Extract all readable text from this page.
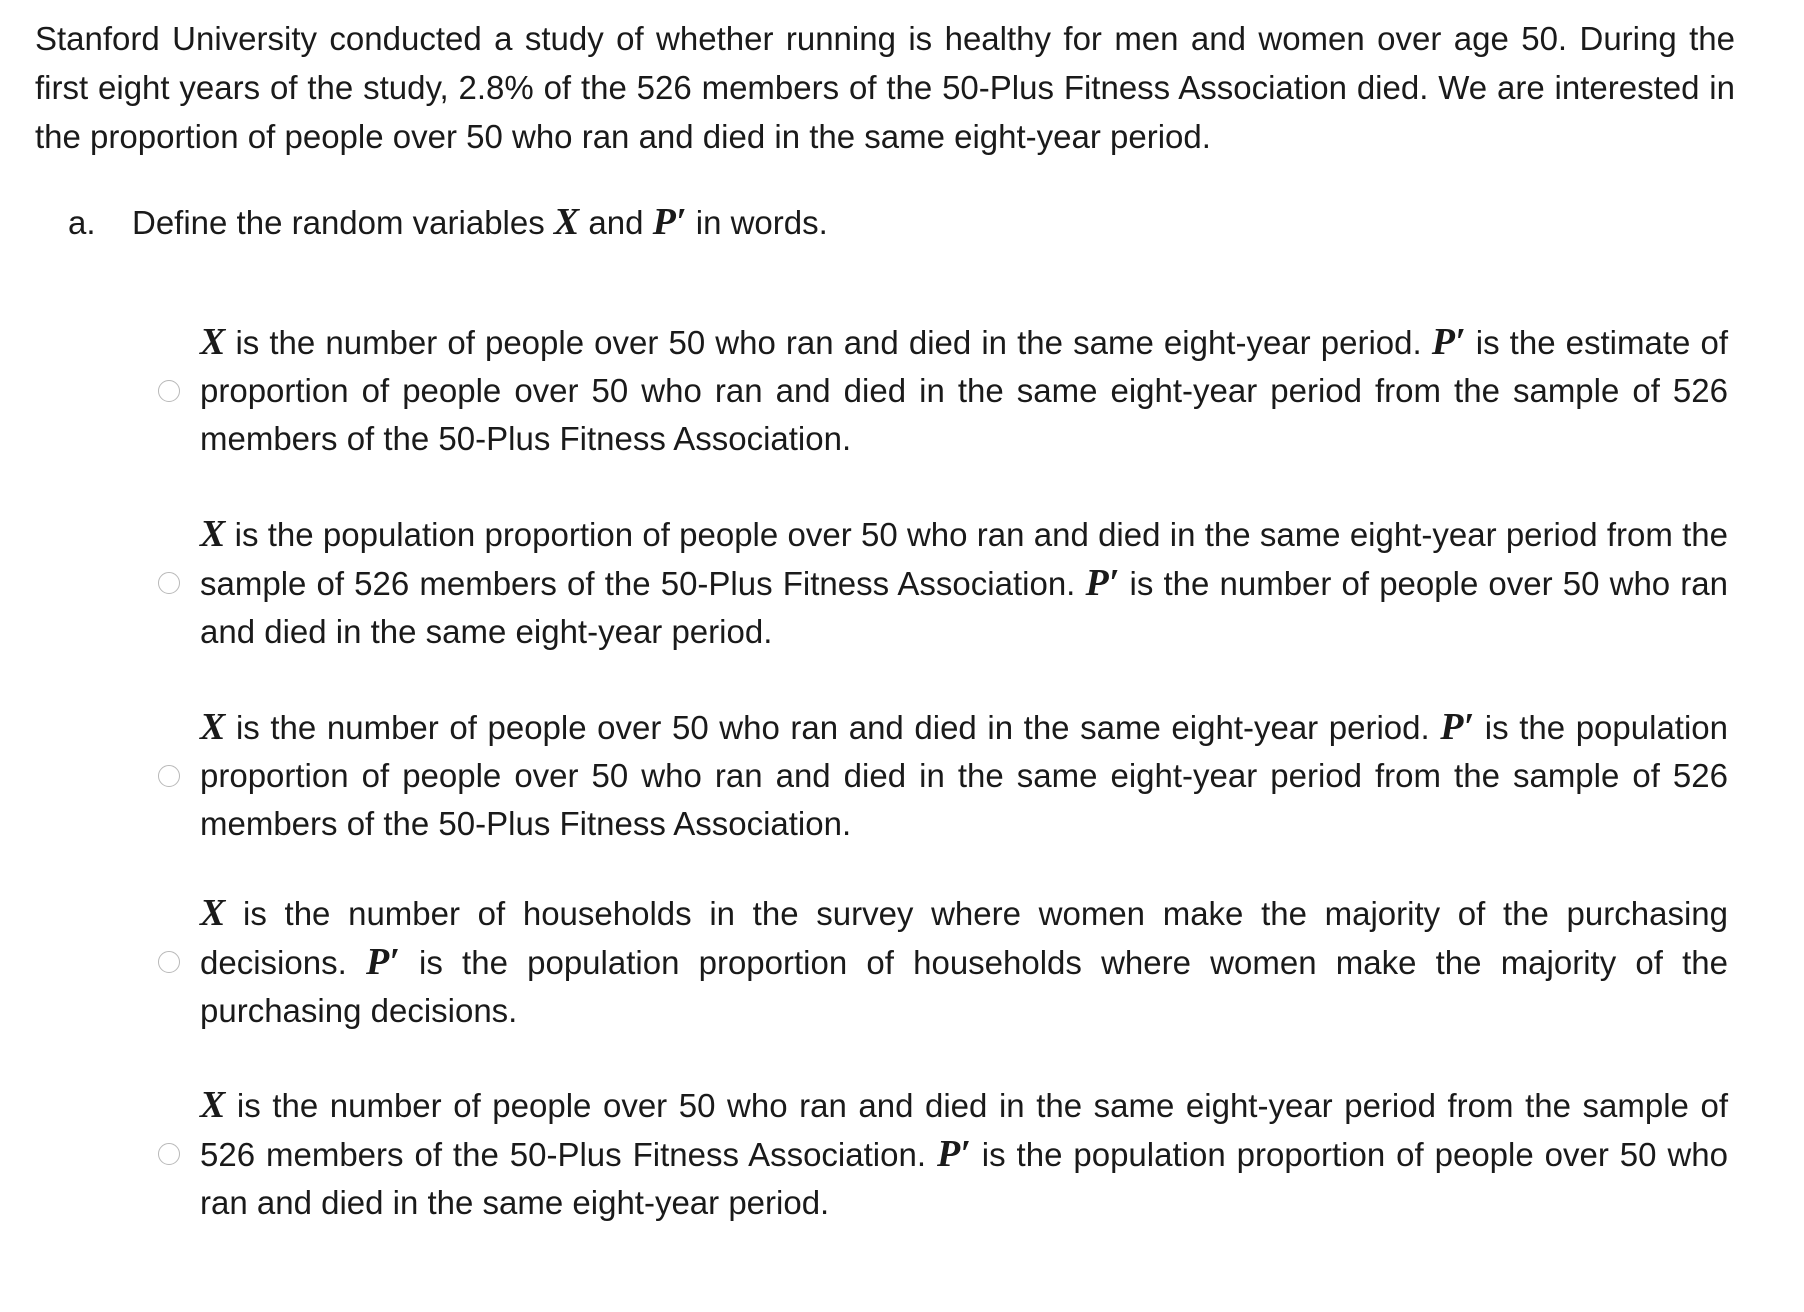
Stanford University conducted a study of whether running is healthy for men and women over age 50. During the first eight years of the study, 2.8% of the 526 members of the 50-Plus Fitness Association died. We are interested in the proportion of people over 50 who ran and died in the same eight-year period.

a.	Define the random variables X and P′ in words.
X is the number of people over 50 who ran and died in the same eight-year period. P′ is the estimate of proportion of people over 50 who ran and died in the same eight-year period from the sample of 526 members of the 50-Plus Fitness Association.
X is the population proportion of people over 50 who ran and died in the same eight-year period from the sample of 526 members of the 50-Plus Fitness Association. P′ is the number of people over 50 who ran and died in the same eight-year period.
X is the number of people over 50 who ran and died in the same eight-year period. P′ is the population proportion of people over 50 who ran and died in the same eight-year period from the sample of 526 members of the 50-Plus Fitness Association.
X is the number of households in the survey where women make the majority of the purchasing decisions. P′ is the population proportion of households where women make the majority of the purchasing decisions.
X is the number of people over 50 who ran and died in the same eight-year period from the sample of 526 members of the 50-Plus Fitness Association. P′ is the population proportion of people over 50 who ran and died in the same eight-year period.
